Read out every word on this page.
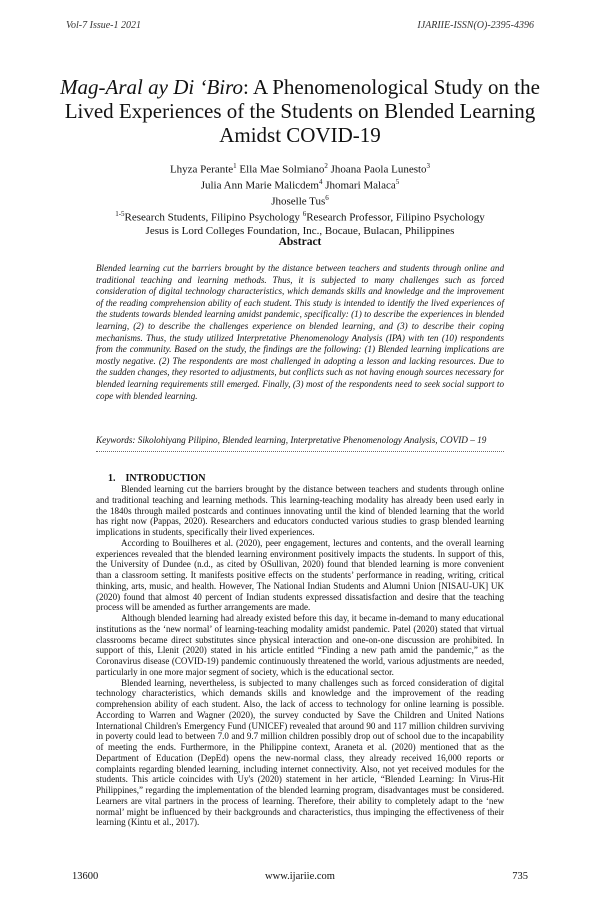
Vol-7 Issue-1 2021	IJARIIE-ISSN(O)-2395-4396
Mag-Aral ay Di ‘Biro: A Phenomenological Study on the Lived Experiences of the Students on Blended Learning Amidst COVID-19
Lhyza Perante$^1$ Ella Mae Solmiano$^2$ Jhoana Paola Lunesto$^3$
Julia Ann Marie Malicdem$^4$ Jhomari Malaca$^5$
Jhoselle Tus$^6$
$^{1-5}$Research Students, Filipino Psychology $^6$Research Professor, Filipino Psychology
Jesus is Lord Colleges Foundation, Inc., Bocaue, Bulacan, Philippines
Abstract
Blended learning cut the barriers brought by the distance between teachers and students through online and traditional teaching and learning methods. Thus, it is subjected to many challenges such as forced consideration of digital technology characteristics, which demands skills and knowledge and the improvement of the reading comprehension ability of each student. This study is intended to identify the lived experiences of the students towards blended learning amidst pandemic, specifically: (1) to describe the experiences in blended learning, (2) to describe the challenges experience on blended learning, and (3) to describe their coping mechanisms. Thus, the study utilized Interpretative Phenomenology Analysis (IPA) with ten (10) respondents from the community. Based on the study, the findings are the following: (1) Blended learning implications are mostly negative. (2) The respondents are most challenged in adopting a lesson and lacking resources. Due to the sudden changes, they resorted to adjustments, but conflicts such as not having enough sources necessary for blended learning requirements still emerged. Finally, (3) most of the respondents need to seek social support to cope with blended learning.
Keywords: Sikolohiyang Pilipino, Blended learning, Interpretative Phenomenology Analysis, COVID – 19
1. INTRODUCTION

Blended learning cut the barriers brought by the distance between teachers and students through online and traditional teaching and learning methods. This learning-teaching modality has already been used early in the 1840s through mailed postcards and continues innovating until the kind of blended learning that the world has right now (Pappas, 2020). Researchers and educators conducted various studies to grasp blended learning implications in students, specifically their lived experiences.

According to Bouilheres et al. (2020), peer engagement, lectures and contents, and the overall learning experiences revealed that the blended learning environment positively impacts the students. In support of this, the University of Dundee (n.d., as cited by OSullivan, 2020) found that blended learning is more convenient than a classroom setting. It manifests positive effects on the students’ performance in reading, writing, critical thinking, arts, music, and health. However, The National Indian Students and Alumni Union [NISAU-UK] UK (2020) found that almost 40 percent of Indian students expressed dissatisfaction and desire that the teaching process will be amended as further arrangements are made.

Although blended learning had already existed before this day, it became in-demand to many educational institutions as the ‘new normal’ of learning-teaching modality amidst pandemic. Patel (2020) stated that virtual classrooms became direct substitutes since physical interaction and one-on-one discussion are prohibited. In support of this, Llenit (2020) stated in his article entitled “Finding a new path amid the pandemic,” as the Coronavirus disease (COVID-19) pandemic continuously threatened the world, various adjustments are needed, particularly in one more major segment of society, which is the educational sector.

Blended learning, nevertheless, is subjected to many challenges such as forced consideration of digital technology characteristics, which demands skills and knowledge and the improvement of the reading comprehension ability of each student. Also, the lack of access to technology for online learning is possible. According to Warren and Wagner (2020), the survey conducted by Save the Children and United Nations International Children's Emergency Fund (UNICEF) revealed that around 90 and 117 million children surviving in poverty could lead to between 7.0 and 9.7 million children possibly drop out of school due to the incapability of meeting the ends. Furthermore, in the Philippine context, Araneta et al. (2020) mentioned that as the Department of Education (DepEd) opens the new-normal class, they already received 16,000 reports or complaints regarding blended learning, including internet connectivity. Also, not yet received modules for the students. This article coincides with Uy's (2020) statement in her article, “Blended Learning: In Virus-Hit Philippines,” regarding the implementation of the blended learning program, disadvantages must be considered. Learners are vital partners in the process of learning. Therefore, their ability to completely adapt to the ‘new normal’ might be influenced by their backgrounds and characteristics, thus impinging the effectiveness of their learning (Kintu et al., 2017).

13600	www.ijariie.com	735
